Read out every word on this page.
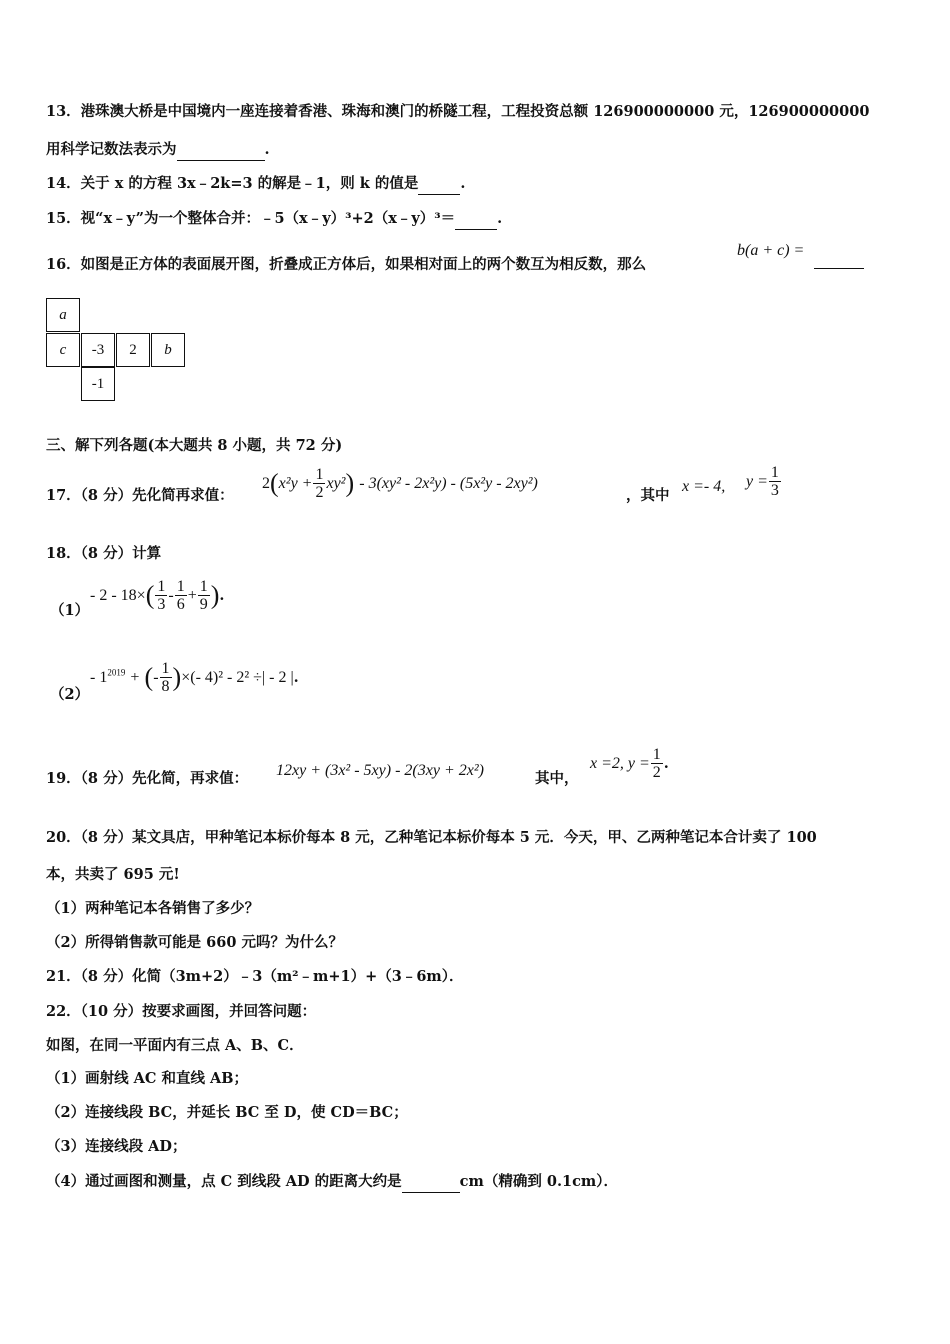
13．港珠澳大桥是中国境内一座连接着香港、珠海和澳门的桥隧工程，工程投资总额 126900000000 元，126900000000
用科学记数法表示为	.
14．关于 x 的方程 3x﹣2k=3 的解是﹣1，则 k 的值是	.
15．视“x﹣y”为一个整体合并：﹣5（x﹣y）³+2（x﹣y）³＝	.
16．如图是正方体的表面展开图，折叠成正方体后，如果相对面上的两个数互为相反数，那么
b(a + c) =
a
c	-3	2	b
-1
三、解下列各题(本大题共 8 小题，共 72 分)
17．（8 分）先化简再求值：
$2(x^2y + \frac{1}{2} xy^2) - 3(xy^2 - 2x^2y) - (5x^2y - 2xy^2)$
，其中
x =- 4, $y = \frac{1}{3}$
18．（8 分）计算
（1）
- $2 - 18\times( \frac{1}{3} - \frac{1}{6} + \frac{1}{9}$ ).
（2）
- $1^{2019}$ + (- $\frac{1}{8}$ )×(- 4)² - 2² ÷| - 2 |.
19．（8 分）先化简，再求值： 12xy + (3x² - 5xy) - 2(3xy + 2x²)	其中，
x =2, $y = \frac{1}{2}$ .
20．（8 分）某文具店，甲种笔记本标价每本 8 元，乙种笔记本标价每本 5 元．今天，甲、乙两种笔记本合计卖了 100
本，共卖了 695 元!
（1）两种笔记本各销售了多少？
（2）所得销售款可能是 660 元吗？为什么？
21．（8 分）化简（3m+2）﹣3（m²﹣m+1）+（3﹣6m）．
22．（10 分）按要求画图，并回答问题：
如图，在同一平面内有三点 A、B、C．
（1）画射线 AC 和直线 AB；
（2）连接线段 BC，并延长 BC 至 D，使 CD＝BC；
（3）连接线段 AD；
（4）通过画图和测量，点 C 到线段 AD 的距离大约是	cm（精确到 0.1cm）．
